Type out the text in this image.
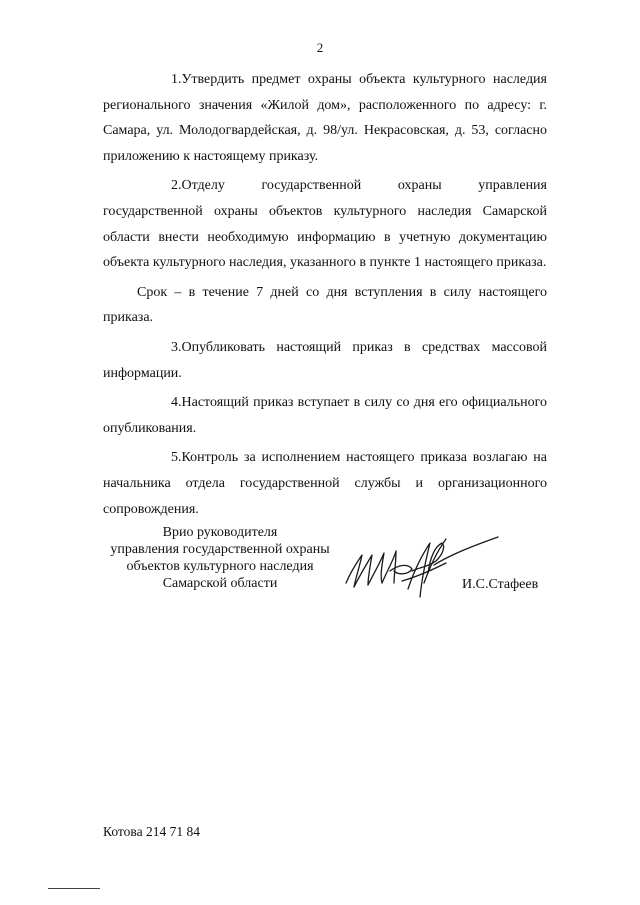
2

1.Утвердить предмет охраны объекта культурного наследия регионального значения «Жилой дом», расположенного по адресу: г. Самара, ул. Молодогвардейская, д. 98/ул. Некрасовская, д. 53, согласно приложению к настоящему приказу.

2.Отделу государственной охраны управления государственной охраны объектов культурного наследия Самарской области внести необходимую информацию в учетную документацию объекта культурного наследия, указанного в пункте 1 настоящего приказа.

Срок – в течение 7 дней со дня вступления в силу настоящего приказа.

3.Опубликовать настоящий приказ в средствах массовой информации.

4.Настоящий приказ вступает в силу со дня его официального опубликования.

5.Контроль за исполнением настоящего приказа возлагаю на начальника отдела государственной службы и организационного сопровождения.

Врио руководителя
управления государственной охраны
объектов культурного наследия
Самарской области	И.С.Стафеев
Котова 214 71 84
